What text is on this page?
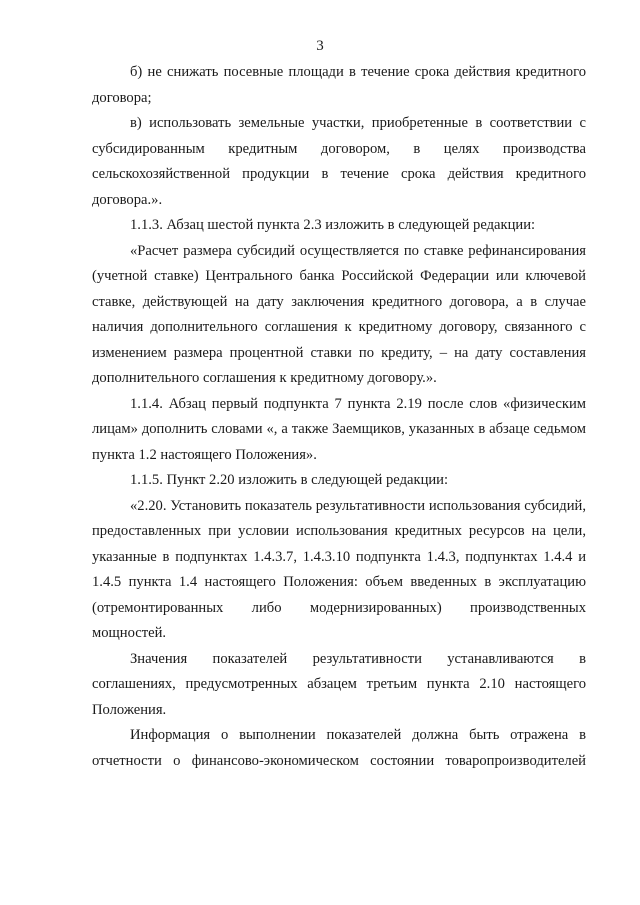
3

б) не снижать посевные площади в течение срока действия кредитного договора;

в) использовать земельные участки, приобретенные в соответствии с субсидированным кредитным договором, в целях производства сельскохозяйственной продукции в течение срока действия кредитного договора.».

1.1.3. Абзац шестой пункта 2.3 изложить в следующей редакции:

«Расчет размера субсидий осуществляется по ставке рефинансирования (учетной ставке) Центрального банка Российской Федерации или ключевой ставке, действующей на дату заключения кредитного договора, а в случае наличия дополнительного соглашения к кредитному договору, связанного с изменением размера процентной ставки по кредиту, – на дату составления дополнительного соглашения к кредитному договору.».

1.1.4. Абзац первый подпункта 7 пункта 2.19 после слов «физическим лицам» дополнить словами «, а также Заемщиков, указанных в абзаце седьмом пункта 1.2 настоящего Положения».

1.1.5. Пункт 2.20 изложить в следующей редакции:

«2.20. Установить показатель результативности использования субсидий, предоставленных при условии использования кредитных ресурсов на цели, указанные в подпунктах 1.4.3.7, 1.4.3.10 подпункта 1.4.3, подпунктах 1.4.4 и 1.4.5 пункта 1.4 настоящего Положения: объем введенных в эксплуатацию (отремонтированных либо модернизированных) производственных мощностей.

Значения показателей результативности устанавливаются в соглашениях, предусмотренных абзацем третьим пункта 2.10 настоящего Положения.

Информация о выполнении показателей должна быть отражена в отчетности о финансово-экономическом состоянии товаропроизводителей
